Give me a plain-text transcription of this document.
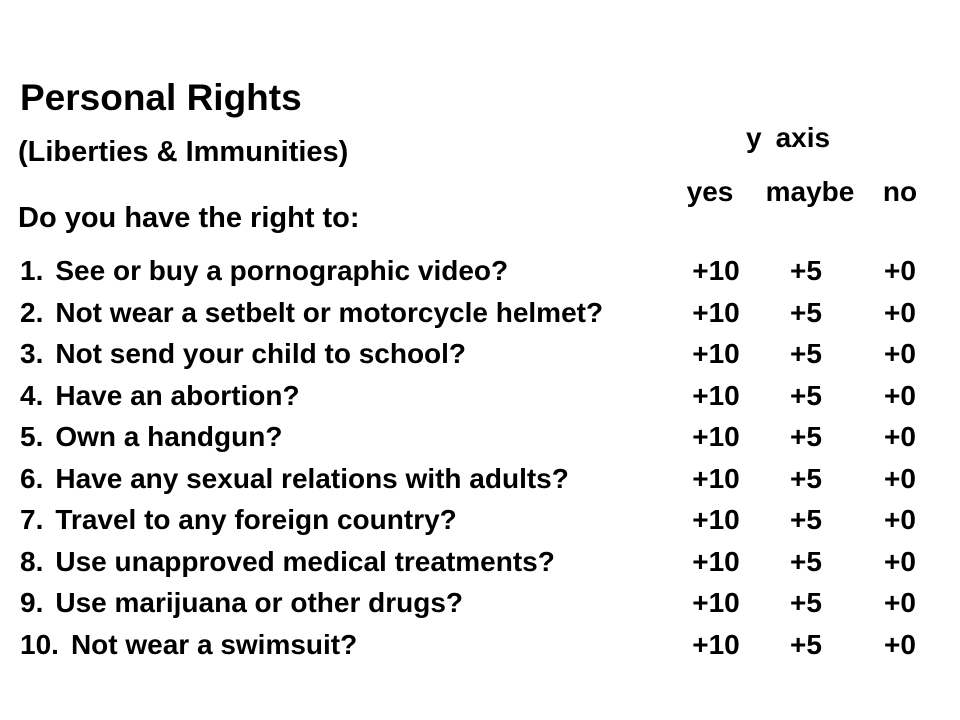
Personal Rights
(Liberties & Immunities)	y axis
Do you have the right to:
yes maybe no
1. See or buy a pornographic video?	+10	+5	+0
2. Not wear a setbelt or motorcycle helmet?	+10	+5	+0
3. Not send your child to school?	+10	+5	+0
4. Have an abortion?	+10	+5	+0
5. Own a handgun?	+10	+5	+0
6. Have any sexual relations with adults?	+10	+5	+0
7. Travel to any foreign country?	+10	+5	+0
8. Use unapproved medical treatments?	+10	+5	+0
9. Use marijuana or other drugs?	+10	+5	+0
10. Not wear a swimsuit?	+10	+5	+0
